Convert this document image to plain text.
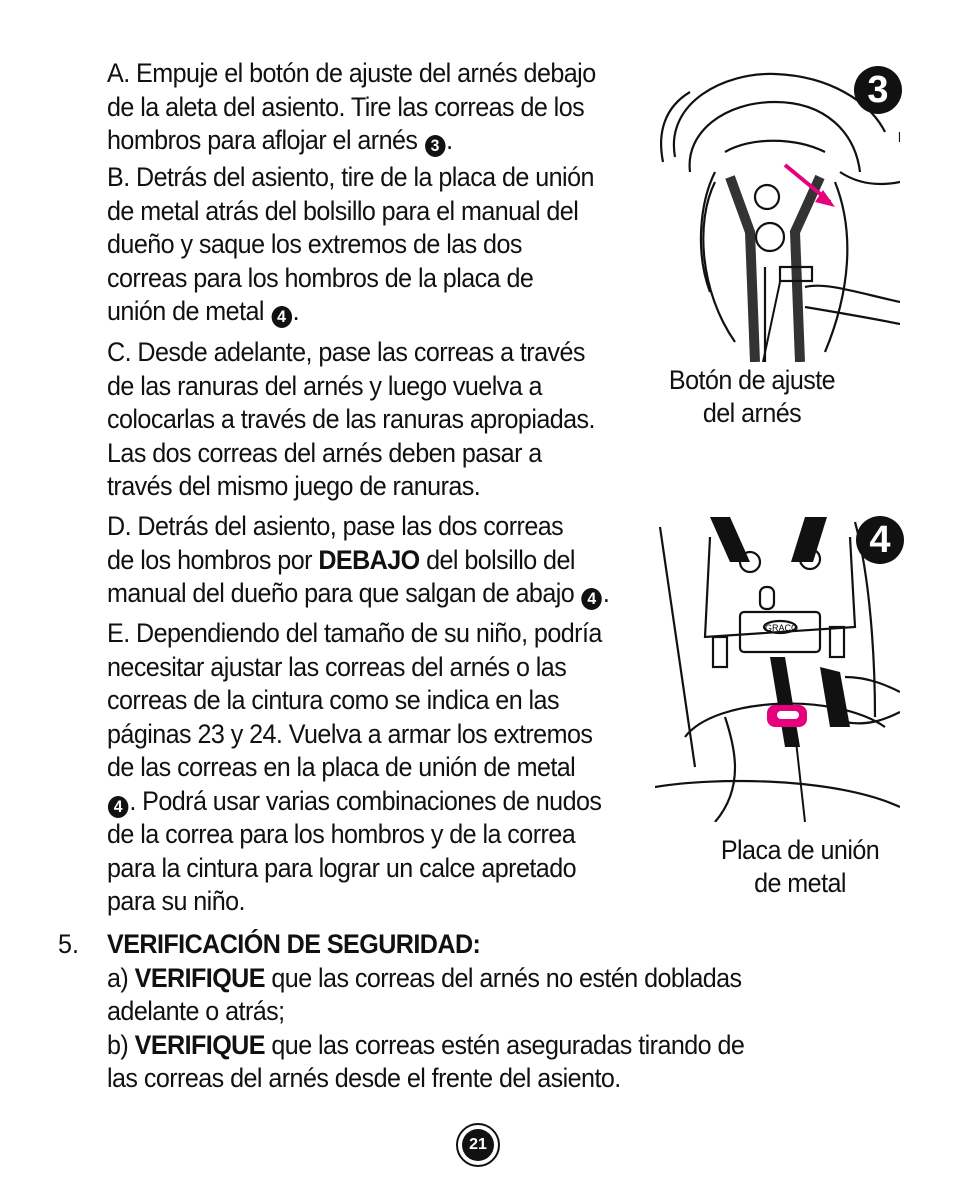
A. Empuje el botón de ajuste del arnés debajo
de la aleta del asiento. Tire las correas de los
hombros para aflojar el arnés 3 .
B. Detrás del asiento, tire de la placa de unión
de metal atrás del bolsillo para el manual del
dueño y saque los extremos de las dos
correas para los hombros de la placa de
unión de metal 4 .
C. Desde adelante, pase las correas a través
de las ranuras del arnés y luego vuelva a
colocarlas a través de las ranuras apropiadas.
Las dos correas del arnés deben pasar a
través del mismo juego de ranuras.
D. Detrás del asiento, pase las dos correas
de los hombros por DEBAJO del bolsillo del
manual del dueño para que salgan de abajo 4 .
E. Dependiendo del tamaño de su niño, podría
necesitar ajustar las correas del arnés o las
correas de la cintura como se indica en las
páginas 23 y 24. Vuelva a armar los extremos
de las correas en la placa de unión de metal
4 . Podrá usar varias combinaciones de nudos
de la correa para los hombros y de la correa
para la cintura para lograr un calce apretado
para su niño.
5. VERIFICACIÓN DE SEGURIDAD:
a) VERIFIQUE que las correas del arnés no estén dobladas
adelante o atrás;
b) VERIFIQUE que las correas estén aseguradas tirando de
las correas del arnés desde el frente del asiento.
3
Botón de ajuste
del arnés
GRACO
4
Placa de unión
de metal
21
